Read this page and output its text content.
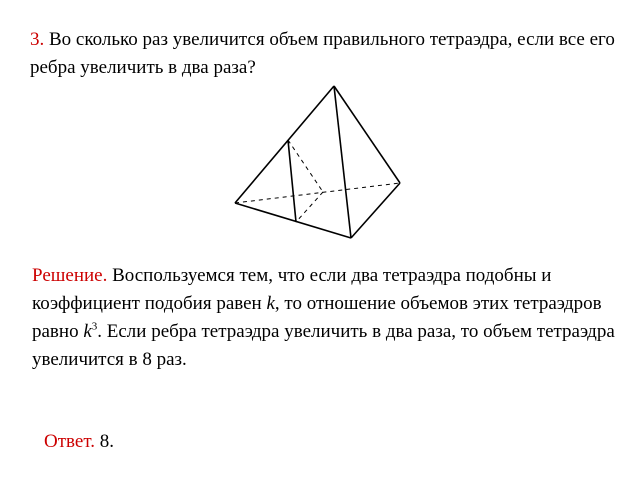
3. Во сколько раз увеличится объем правильного тетраэдра, если все его ребра увеличить в два раза?
Решение. Воспользуемся тем, что если два тетраэдра подобны и коэффициент подобия равен k, то отношение объемов этих тетраэдров равно $k^3$. Если ребра тетраэдра увеличить в два раза, то объем тетраэдра увеличится в 8 раз.
Ответ. 8.
